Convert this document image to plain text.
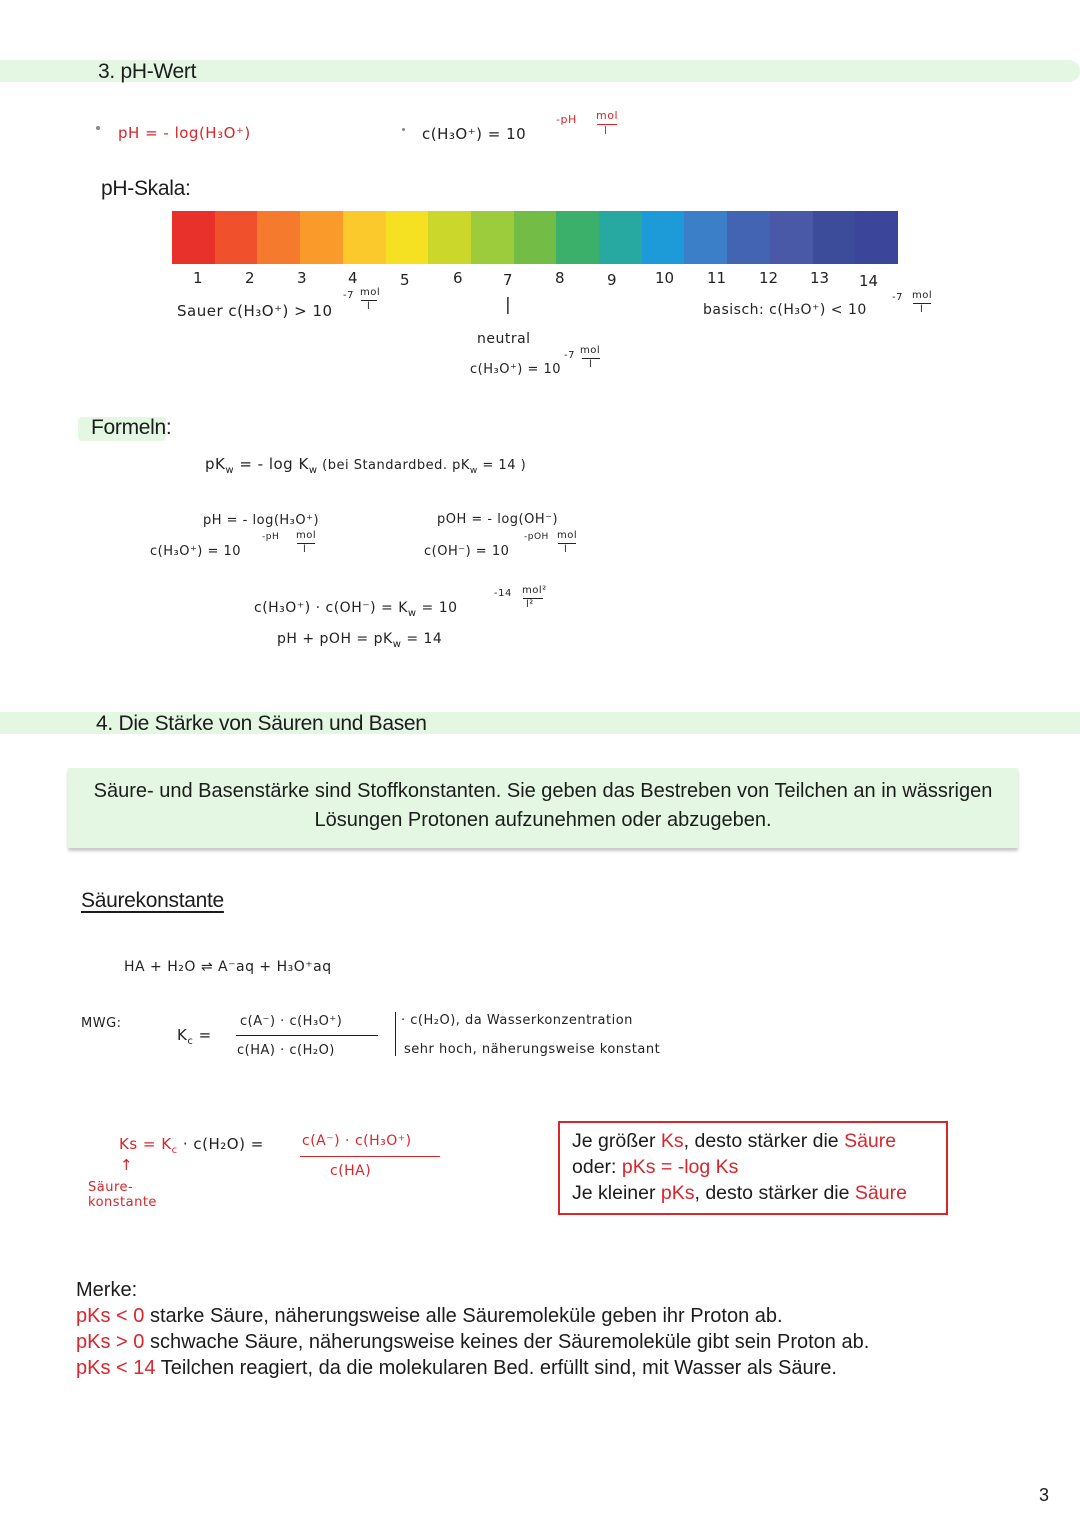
3. pH-Wert
pH = - log(H₃O⁺)	c(H₃O⁺) = 10
-pH mol
l
pH-Skala:
1	2	3	4	5	6	7	8	9	10 11 12 13 14
Sauer c(H₃O⁺) > 10
-7 mol
l	|
neutral
c(H₃O⁺) = 10
-7 mol
l
basisch: c(H₃O⁺) < 10
-7 mol
l
Formeln:
$pK_w$ = - $\log K_w$ (bei Standardbed. $pK_w = 14$ )
pH = - log(H₃O⁺)
c(H₃O⁺) = 10
-pH mol
l
pOH = - log(OH⁻)
c(OH⁻) = 10
-pOH mol
l
$c(H_3O^+) \cdot c(OH^-) = K_w = 10$
-14 mol²
l²
pH + pOH = $pK_w = 14$
4. Die Stärke von Säuren und Basen
Säure- und Basenstärke sind Stoffkonstanten. Sie geben das Bestreben von Teilchen an in wässrigen
Lösungen Protonen aufzunehmen oder abzugeben.
Säurekonstante
HA + H₂O ⇌ A⁻aq + H₃O⁺aq
MWG:
$K_c$ =
c(A⁻) · c(H₃O⁺)
c(HA) · c(H₂O)
· c(H₂O), da Wasserkonzentration
sehr hoch, näherungsweise konstant
$Ks = K_c \cdot c(H_2O)$ =	c(A⁻) · c(H₃O⁺)
c(HA)
↑
Säure-
konstante
Je größer Ks, desto stärker die Säure
oder: pKs = -log Ks
Je kleiner pKs, desto stärker die Säure
Merke:
pKs < 0 starke Säure, näherungsweise alle Säuremoleküle geben ihr Proton ab.
pKs > 0 schwache Säure, näherungsweise keines der Säuremoleküle gibt sein Proton ab.
pKs < 14 Teilchen reagiert, da die molekularen Bed. erfüllt sind, mit Wasser als Säure.
3
